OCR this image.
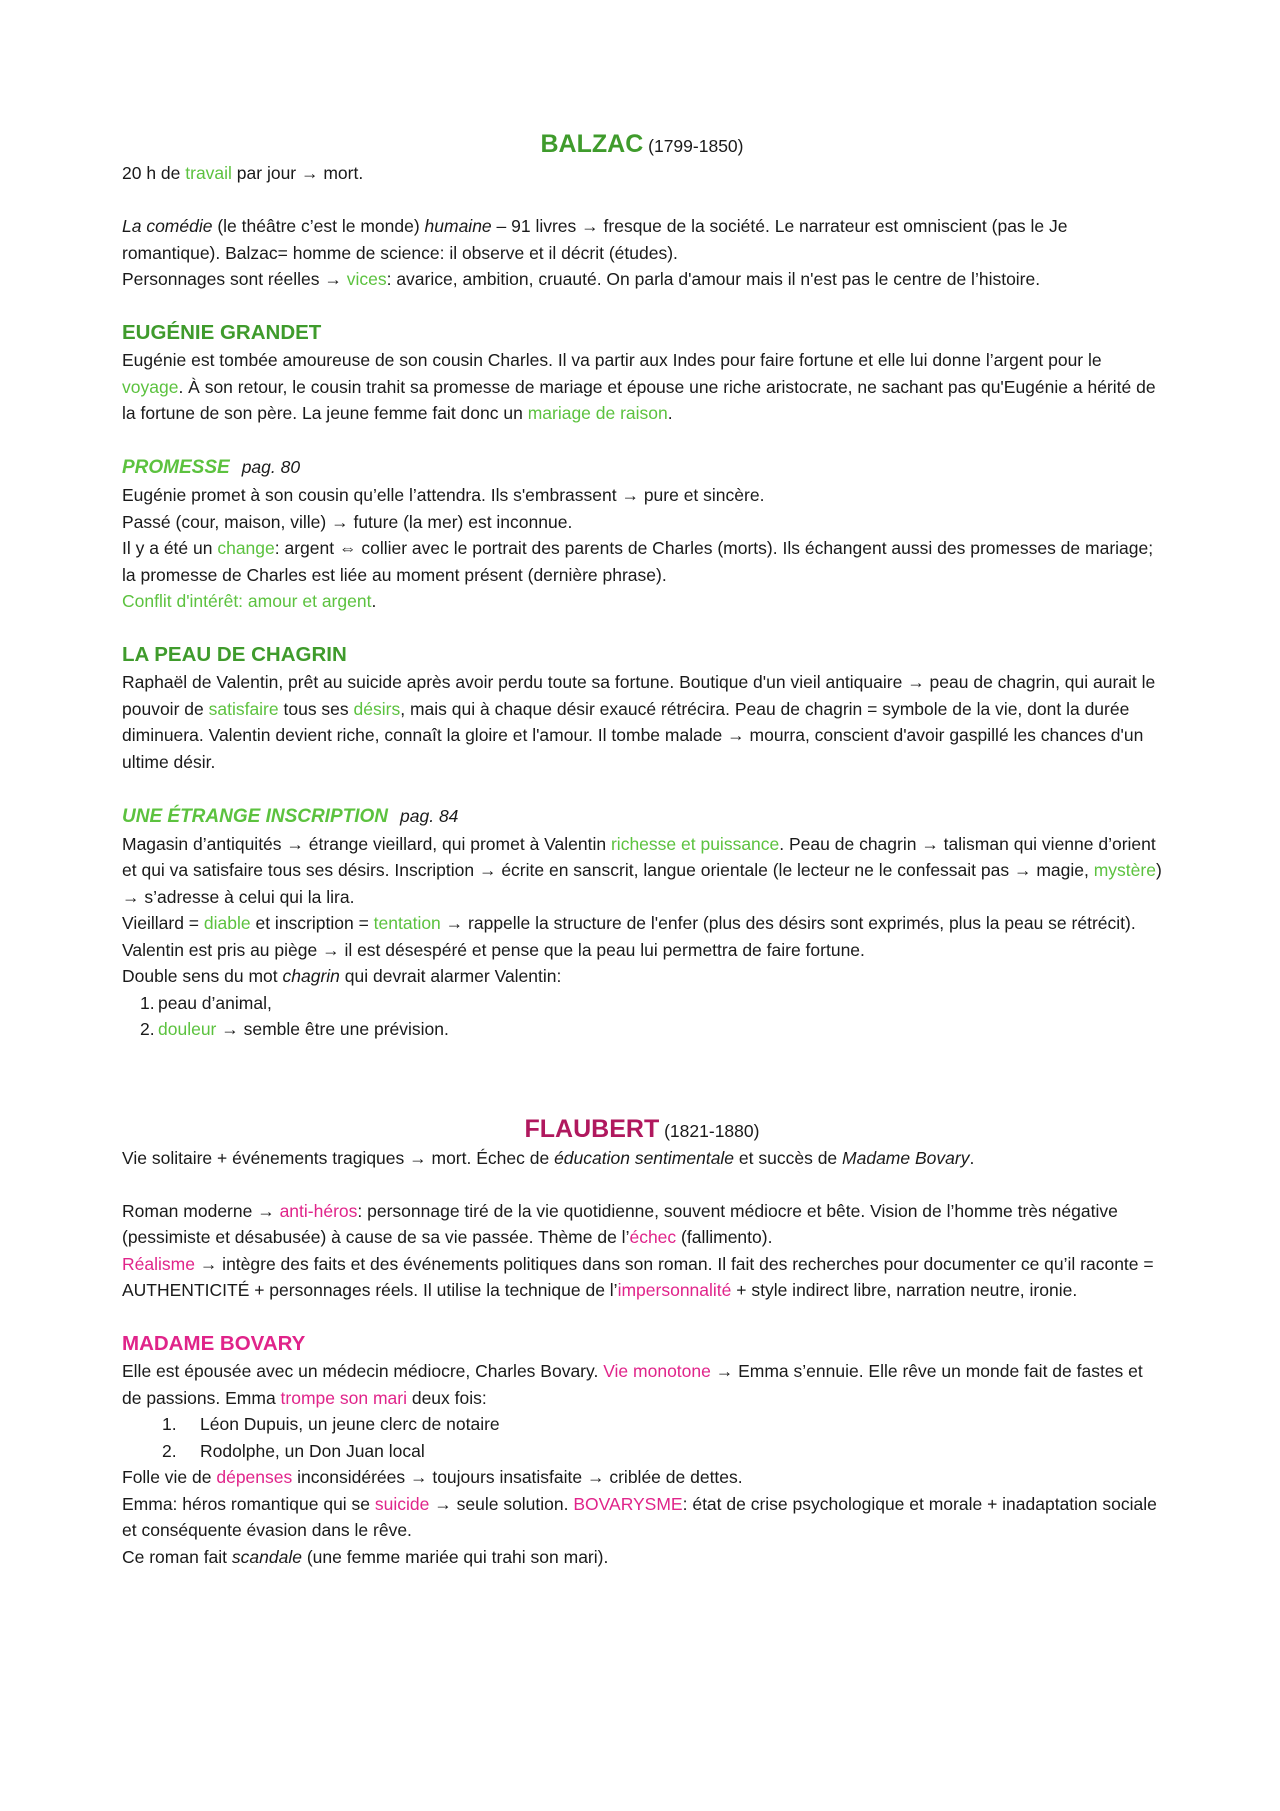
BALZAC (1799-1850)

20 h de travail par jour → mort.

La comédie (le théâtre c’est le monde) humaine – 91 livres → fresque de la société. Le narrateur est omniscient (pas le Je romantique). Balzac= homme de science: il observe et il décrit (études).

Personnages sont réelles → vices: avarice, ambition, cruauté. On parla d'amour mais il n'est pas le centre de l’histoire.

EUGÉNIE GRANDET

Eugénie est tombée amoureuse de son cousin Charles. Il va partir aux Indes pour faire fortune et elle lui donne l’argent pour le voyage. À son retour, le cousin trahit sa promesse de mariage et épouse une riche aristocrate, ne sachant pas qu'Eugénie a hérité de la fortune de son père. La jeune femme fait donc un mariage de raison.

PROMESSE pag. 80

Eugénie promet à son cousin qu’elle l’attendra. Ils s'embrassent → pure et sincère.

Passé (cour, maison, ville) → future (la mer) est inconnue.

Il y a été un change: argent ⇔ collier avec le portrait des parents de Charles (morts). Ils échangent aussi des promesses de mariage; la promesse de Charles est liée au moment présent (dernière phrase).

Conflit d'intérêt: amour et argent.

LA PEAU DE CHAGRIN

Raphaël de Valentin, prêt au suicide après avoir perdu toute sa fortune. Boutique d'un vieil antiquaire → peau de chagrin, qui aurait le pouvoir de satisfaire tous ses désirs, mais qui à chaque désir exaucé rétrécira. Peau de chagrin = symbole de la vie, dont la durée diminuera. Valentin devient riche, connaît la gloire et l'amour. Il tombe malade → mourra, conscient d'avoir gaspillé les chances d'un ultime désir.

UNE ÉTRANGE INSCRIPTION pag. 84

Magasin d’antiquités → étrange vieillard, qui promet à Valentin richesse et puissance. Peau de chagrin → talisman qui vienne d’orient et qui va satisfaire tous ses désirs. Inscription → écrite en sanscrit, langue orientale (le lecteur ne le confessait pas → magie, mystère) → s’adresse à celui qui la lira.

Vieillard = diable et inscription = tentation → rappelle la structure de l'enfer (plus des désirs sont exprimés, plus la peau se rétrécit). Valentin est pris au piège → il est désespéré et pense que la peau lui permettra de faire fortune.

Double sens du mot chagrin qui devrait alarmer Valentin:

1. peau d’animal,
2. douleur → semble être une prévision.
FLAUBERT (1821-1880)

Vie solitaire + événements tragiques → mort. Échec de éducation sentimentale et succès de Madame Bovary.

Roman moderne → anti-héros: personnage tiré de la vie quotidienne, souvent médiocre et bête. Vision de l’homme très négative (pessimiste et désabusée) à cause de sa vie passée. Thème de l’échec (fallimento).

Réalisme → intègre des faits et des événements politiques dans son roman. Il fait des recherches pour documenter ce qu’il raconte = AUTHENTICITÉ + personnages réels. Il utilise la technique de l’impersonnalité + style indirect libre, narration neutre, ironie.

MADAME BOVARY

Elle est épousée avec un médecin médiocre, Charles Bovary. Vie monotone → Emma s’ennuie. Elle rêve un monde fait de fastes et de passions. Emma trompe son mari deux fois:

1.	Léon Dupuis, un jeune clerc de notaire
2.	Rodolphe, un Don Juan local

Folle vie de dépenses inconsidérées → toujours insatisfaite → criblée de dettes.

Emma: héros romantique qui se suicide → seule solution. BOVARYSME: état de crise psychologique et morale + inadaptation sociale et conséquente évasion dans le rêve.

Ce roman fait scandale (une femme mariée qui trahi son mari).
